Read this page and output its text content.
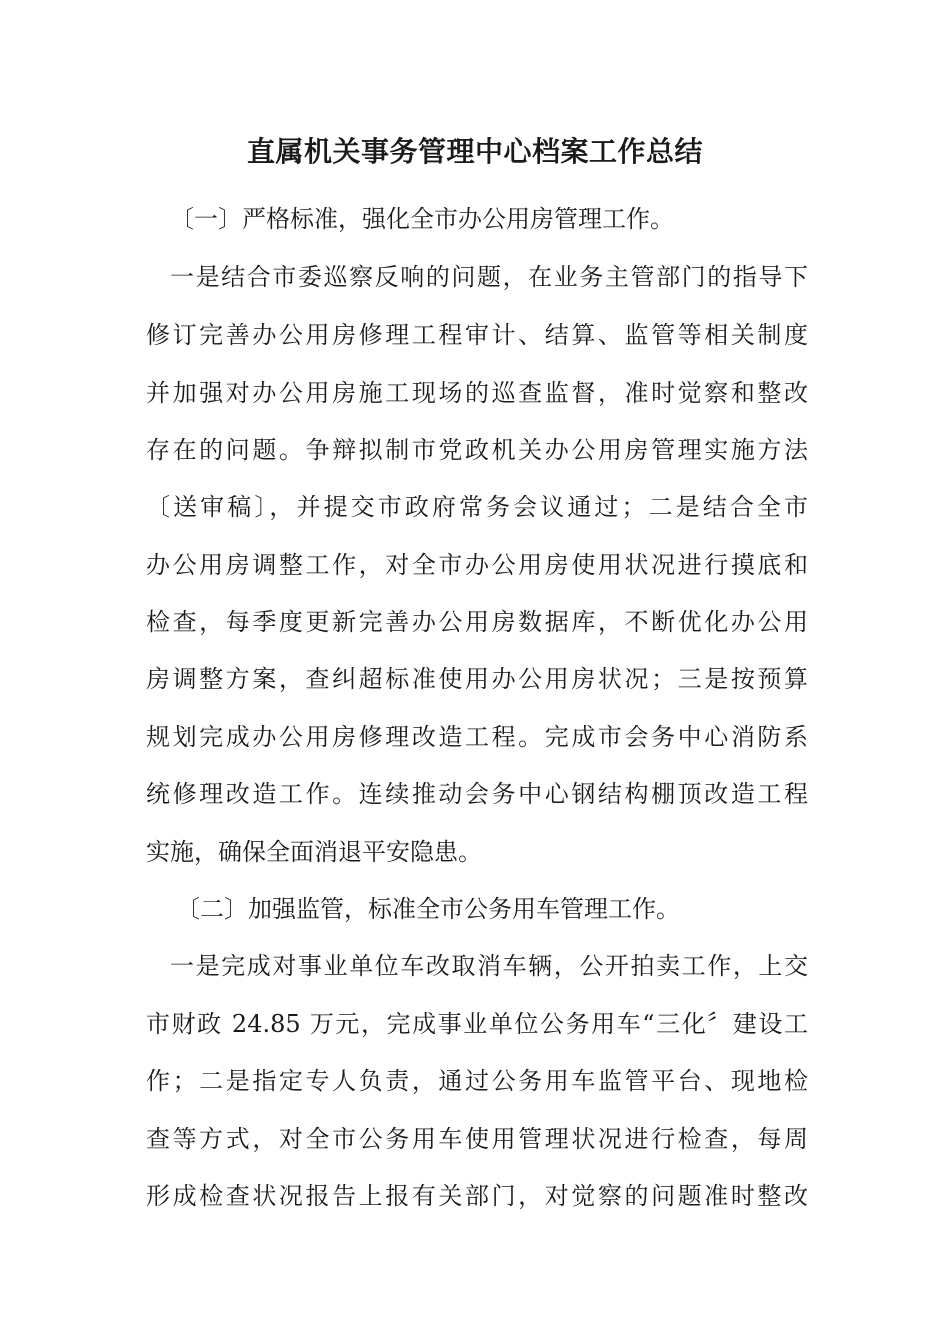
直属机关事务管理中心档案工作总结

〔一〕严格标准，强化全市办公用房管理工作。

一是结合市委巡察反响的问题，在业务主管部门的指导下

修订完善办公用房修理工程审计、结算、监管等相关制度

并加强对办公用房施工现场的巡查监督，准时觉察和整改

存在的问题。争辩拟制市党政机关办公用房管理实施方法

〔送审稿〕，并提交市政府常务会议通过；二是结合全市

办公用房调整工作，对全市办公用房使用状况进行摸底和

检查，每季度更新完善办公用房数据库，不断优化办公用

房调整方案，查纠超标准使用办公用房状况；三是按预算

规划完成办公用房修理改造工程。完成市会务中心消防系

统修理改造工作。连续推动会务中心钢结构棚顶改造工程

实施，确保全面消退平安隐患。

〔二〕加强监管，标准全市公务用车管理工作。

一是完成对事业单位车改取消车辆，公开拍卖工作，上交

市财政 24.85 万元，完成事业单位公务用车“三化〞建设工

作；二是指定专人负责，通过公务用车监管平台、现地检

查等方式，对全市公务用车使用管理状况进行检查，每周

形成检查状况报告上报有关部门，对觉察的问题准时整改
